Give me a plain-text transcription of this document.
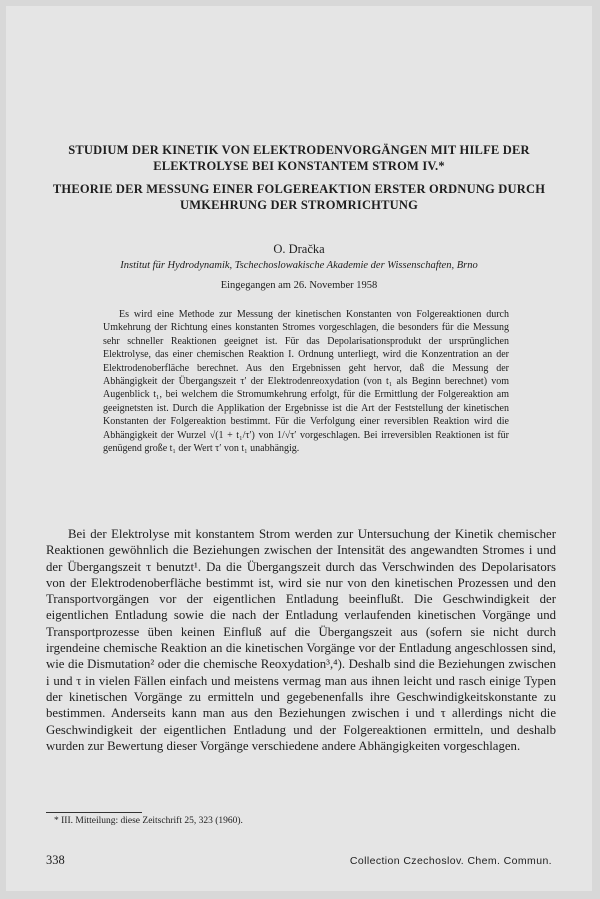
STUDIUM DER KINETIK VON ELEKTRODENVORGÄNGEN MIT HILFE DER ELEKTROLYSE BEI KONSTANTEM STROM IV.*
THEORIE DER MESSUNG EINER FOLGEREAKTION ERSTER ORDNUNG DURCH UMKEHRUNG DER STROMRICHTUNG
O. Dračka
Institut für Hydrodynamik, Tschechoslowakische Akademie der Wissenschaften, Brno
Eingegangen am 26. November 1958

Es wird eine Methode zur Messung der kinetischen Konstanten von Folgereaktionen durch Umkehrung der Richtung eines konstanten Stromes vorgeschlagen, die besonders für die Messung sehr schneller Reaktionen geeignet ist. Für das Depolarisationsprodukt der ursprünglichen Elektrolyse, das einer chemischen Reaktion I. Ordnung unterliegt, wird die Konzentration an der Elektrodenoberfläche berechnet. Aus den Ergebnissen geht hervor, daß die Messung der Abhängigkeit der Übergangszeit τ′ der Elektrodenreoxydation (von t₁ als Beginn berechnet) vom Augenblick t₁, bei welchem die Stromumkehrung erfolgt, für die Ermittlung der Folgereaktion am geeignetsten ist. Durch die Applikation der Ergebnisse ist die Art der Feststellung der kinetischen Konstanten der Folgereaktion bestimmt. Für die Verfolgung einer reversiblen Reaktion wird die Abhängigkeit der Wurzel √(1 + t₁/τ′) von 1/√τ′ vorgeschlagen. Bei irreversiblen Reaktionen ist für genügend große t₁ der Wert τ′ von t₁ unabhängig.

Bei der Elektrolyse mit konstantem Strom werden zur Untersuchung der Kinetik chemischer Reaktionen gewöhnlich die Beziehungen zwischen der Intensität des angewandten Stromes i und der Übergangszeit τ benutzt¹. Da die Übergangszeit durch das Verschwinden des Depolarisators von der Elektrodenoberfläche bestimmt ist, wird sie nur von den kinetischen Prozessen und den Transportvorgängen vor der eigentlichen Entladung beeinflußt. Die Geschwindigkeit der eigentlichen Entladung sowie die nach der Entladung verlaufenden kinetischen Vorgänge und Transportprozesse üben keinen Einfluß auf die Übergangszeit aus (sofern sie nicht durch irgendeine chemische Reaktion an die kinetischen Vorgänge vor der Entladung angeschlossen sind, wie die Dismutation² oder die chemische Reoxydation³,⁴). Deshalb sind die Beziehungen zwischen i und τ in vielen Fällen einfach und meistens vermag man aus ihnen leicht und rasch einige Typen der kinetischen Vorgänge zu ermitteln und gegebenenfalls ihre Geschwindigkeitskonstante zu bestimmen. Anderseits kann man aus den Beziehungen zwischen i und τ allerdings nicht die Geschwindigkeit der eigentlichen Entladung und der Folgereaktionen ermitteln, und deshalb wurden zur Bewertung dieser Vorgänge verschiedene andere Abhängigkeiten vorgeschlagen.

* III. Mitteilung: diese Zeitschrift 25, 323 (1960).
338	Collection Czechoslov. Chem. Commun.
